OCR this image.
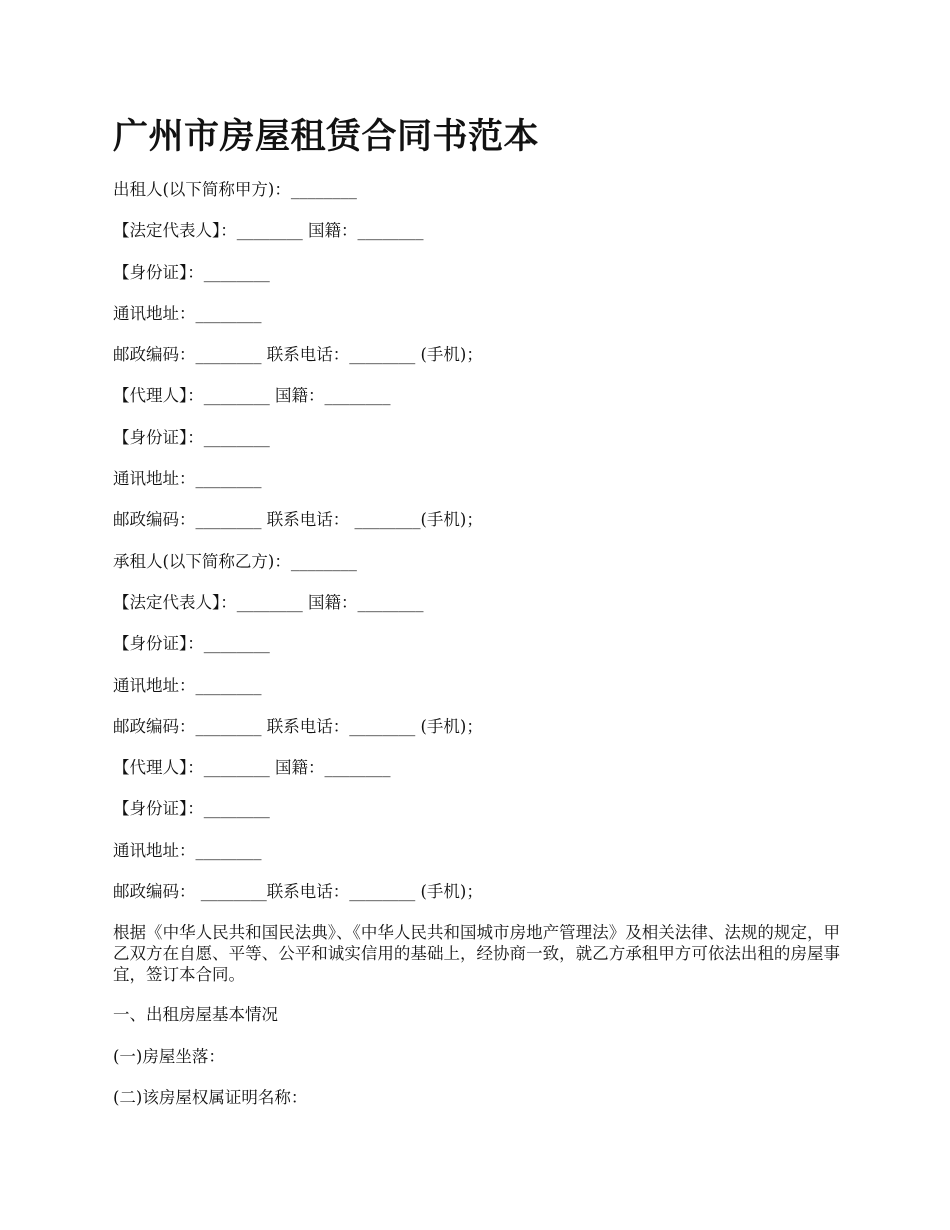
广州市房屋租赁合同书范本

出租人(以下简称甲方)：________

【法定代表人】：________ 国籍：________

【身份证】：________

通讯地址：________

邮政编码：________ 联系电话：________ (手机)；

【代理人】：________ 国籍：________

【身份证】：________

通讯地址：________

邮政编码：________ 联系电话： ________(手机)；

承租人(以下简称乙方)：________

【法定代表人】：________ 国籍：________

【身份证】：________

通讯地址：________

邮政编码：________ 联系电话：________ (手机)；

【代理人】：________ 国籍：________

【身份证】：________

通讯地址：________

邮政编码： ________联系电话：________ (手机)；

根据《中华人民共和国民法典》、《中华人民共和国城市房地产管理法》及相关法律、法规的规定，甲乙双方在自愿、平等、公平和诚实信用的基础上，经协商一致，就乙方承租甲方可依法出租的房屋事宜，签订本合同。

一、出租房屋基本情况

(一)房屋坐落：

(二)该房屋权属证明名称：
